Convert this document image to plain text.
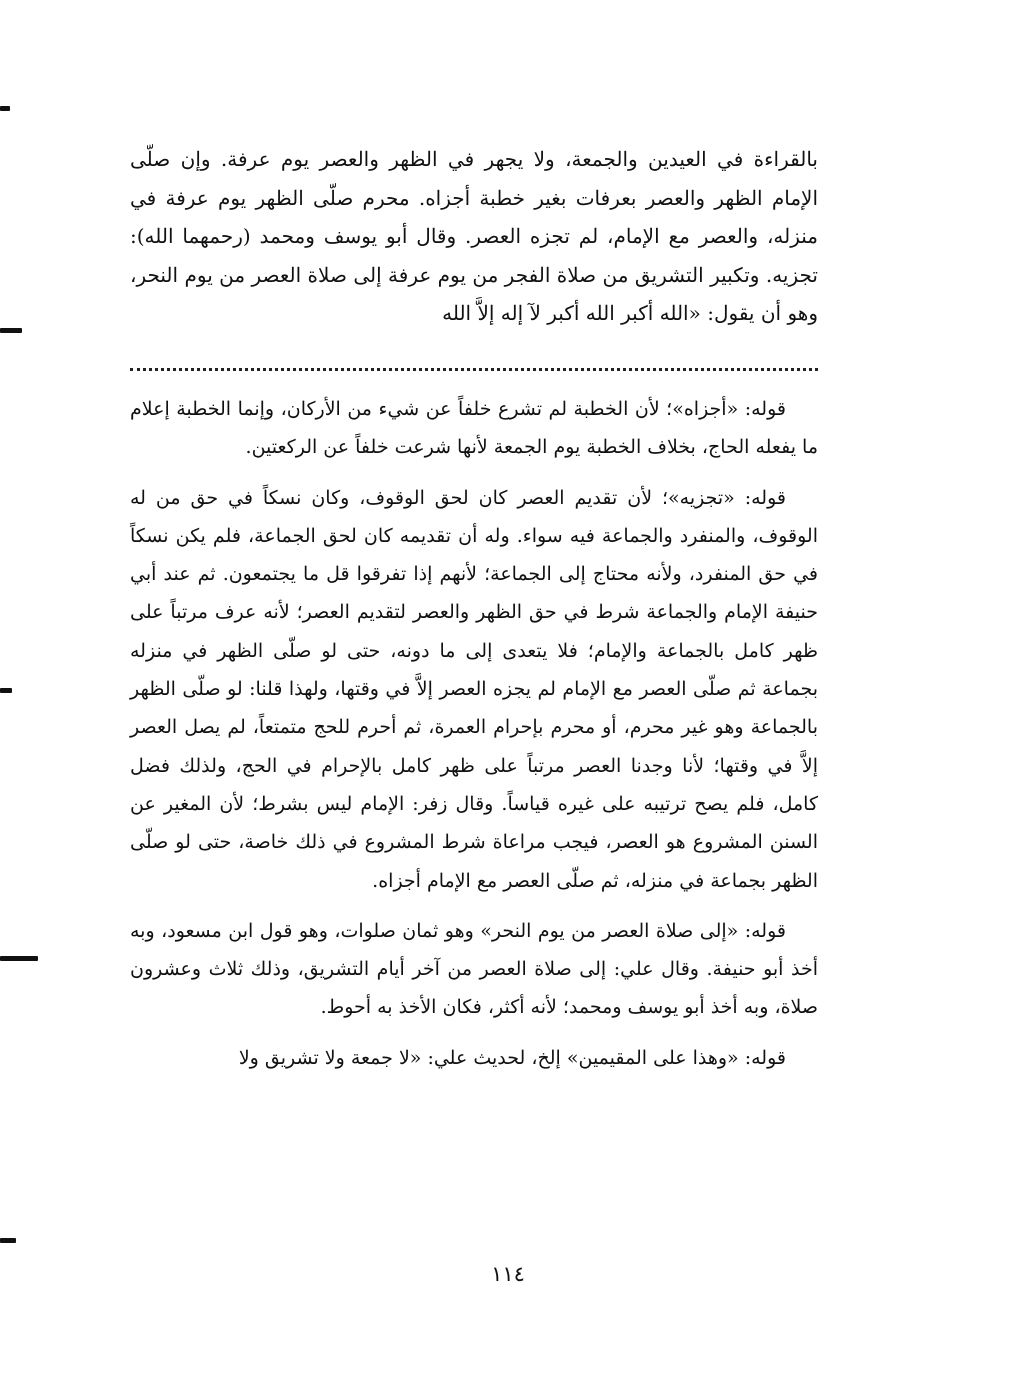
بالقراءة في العيدين والجمعة، ولا يجهر في الظهر والعصر يوم عرفة. وإن صلّى الإمام الظهر والعصر بعرفات بغير خطبة أجزاه. محرم صلّى الظهر يوم عرفة في منزله، والعصر مع الإمام، لم تجزه العصر. وقال أبو يوسف ومحمد (رحمهما الله): تجزيه. وتكبير التشريق من صلاة الفجر من يوم عرفة إلى صلاة العصر من يوم النحر، وهو أن يقول: «الله أكبر الله أكبر لآ إله إلاَّ الله

قوله: «أجزاه»؛ لأن الخطبة لم تشرع خلفاً عن شيء من الأركان، وإنما الخطبة إعلام ما يفعله الحاج، بخلاف الخطبة يوم الجمعة لأنها شرعت خلفاً عن الركعتين.

قوله: «تجزيه»؛ لأن تقديم العصر كان لحق الوقوف، وكان نسكاً في حق من له الوقوف، والمنفرد والجماعة فيه سواء. وله أن تقديمه كان لحق الجماعة، فلم يكن نسكاً في حق المنفرد، ولأنه محتاج إلى الجماعة؛ لأنهم إذا تفرقوا قل ما يجتمعون. ثم عند أبي حنيفة الإمام والجماعة شرط في حق الظهر والعصر لتقديم العصر؛ لأنه عرف مرتباً على ظهر كامل بالجماعة والإمام؛ فلا يتعدى إلى ما دونه، حتى لو صلّى الظهر في منزله بجماعة ثم صلّى العصر مع الإمام لم يجزه العصر إلاَّ في وقتها، ولهذا قلنا: لو صلّى الظهر بالجماعة وهو غير محرم، أو محرم بإحرام العمرة، ثم أحرم للحج متمتعاً، لم يصل العصر إلاَّ في وقتها؛ لأنا وجدنا العصر مرتباً على ظهر كامل بالإحرام في الحج، ولذلك فضل كامل، فلم يصح ترتيبه على غيره قياساً. وقال زفر: الإمام ليس بشرط؛ لأن المغير عن السنن المشروع هو العصر، فيجب مراعاة شرط المشروع في ذلك خاصة، حتى لو صلّى الظهر بجماعة في منزله، ثم صلّى العصر مع الإمام أجزاه.

قوله: «إلى صلاة العصر من يوم النحر» وهو ثمان صلوات، وهو قول ابن مسعود، وبه أخذ أبو حنيفة. وقال علي: إلى صلاة العصر من آخر أيام التشريق، وذلك ثلاث وعشرون صلاة، وبه أخذ أبو يوسف ومحمد؛ لأنه أكثر، فكان الأخذ به أحوط.

قوله: «وهذا على المقيمين» إلخ، لحديث علي: «لا جمعة ولا تشريق ولا

١١٤
